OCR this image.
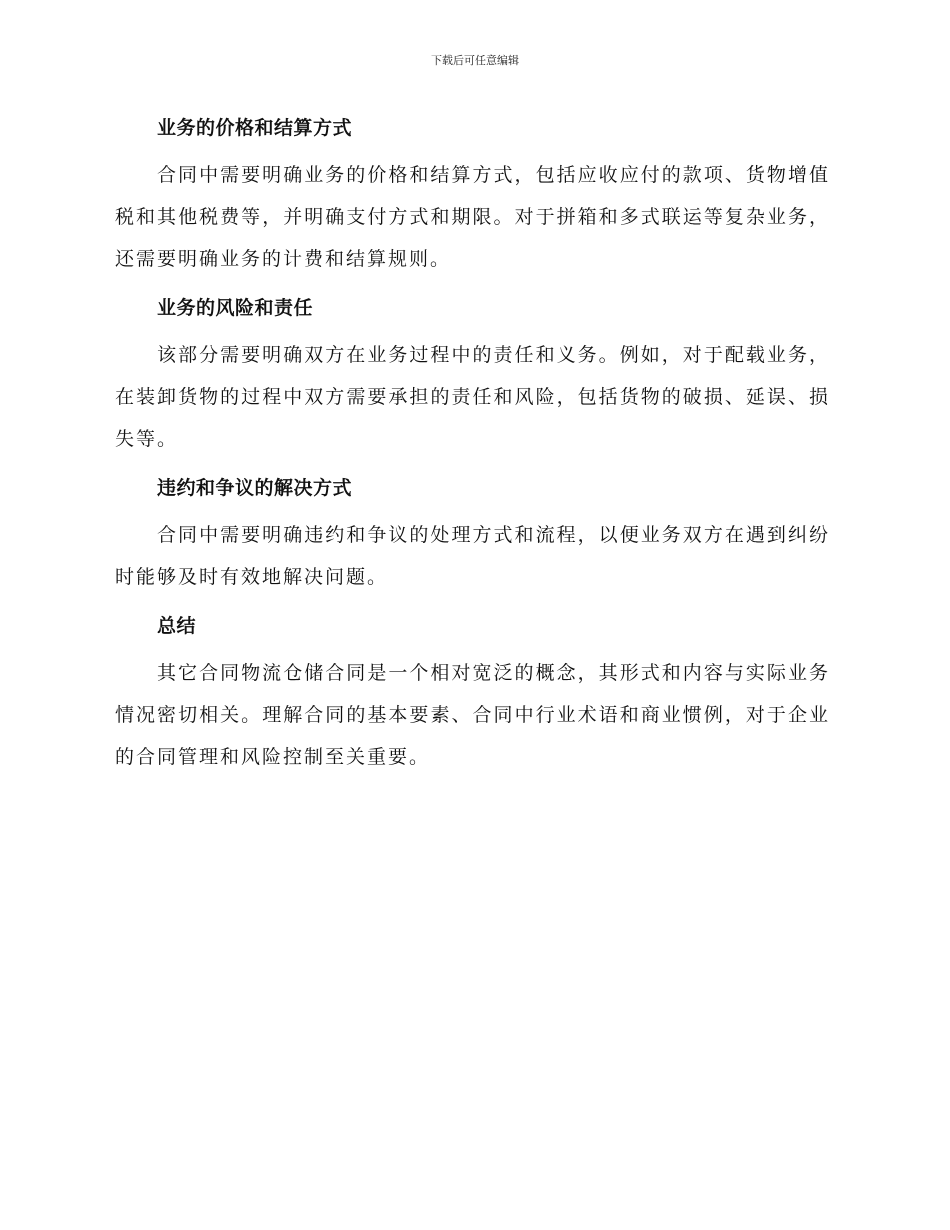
下载后可任意编辑
业务的价格和结算方式

合同中需要明确业务的价格和结算方式，包括应收应付的款项、货物增值税和其他税费等，并明确支付方式和期限。对于拼箱和多式联运等复杂业务，还需要明确业务的计费和结算规则。

业务的风险和责任

该部分需要明确双方在业务过程中的责任和义务。例如，对于配载业务，在装卸货物的过程中双方需要承担的责任和风险，包括货物的破损、延误、损失等。

违约和争议的解决方式

合同中需要明确违约和争议的处理方式和流程，以便业务双方在遇到纠纷时能够及时有效地解决问题。

总结

其它合同物流仓储合同是一个相对宽泛的概念，其形式和内容与实际业务情况密切相关。理解合同的基本要素、合同中行业术语和商业惯例，对于企业的合同管理和风险控制至关重要。
